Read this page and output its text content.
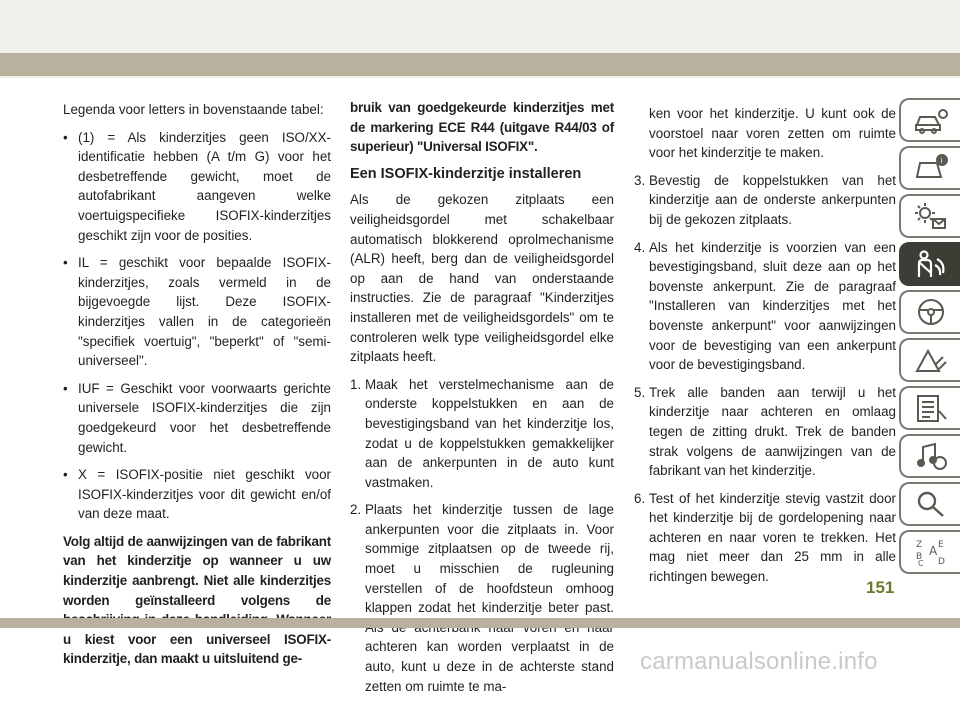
Legenda voor letters in bovenstaande tabel:

• (1) = Als kinderzitjes geen ISO/XX-identificatie hebben (A t/m G) voor het desbetreffende gewicht, moet de autofabrikant aangeven welke voertuigspecifieke ISOFIX-kinderzitjes geschikt zijn voor de posities.
• IL = geschikt voor bepaalde ISOFIX-kinderzitjes, zoals vermeld in de bijgevoegde lijst. Deze ISOFIX-kinderzitjes vallen in de categorieën "specifiek voertuig", "beperkt" of "semi-universeel".
• IUF = Geschikt voor voorwaarts gerichte universele ISOFIX-kinderzitjes die zijn goedgekeurd voor het desbetreffende gewicht.
• X = ISOFIX-positie niet geschikt voor ISOFIX-kinderzitjes voor dit gewicht en/of van deze maat.

Volg altijd de aanwijzingen van de fabrikant van het kinderzitje op wanneer u uw kinderzitje aanbrengt. Niet alle kinderzitjes worden geïnstalleerd volgens de u kiest voor een universeel ISOFIX-kinderzitje, dan maakt u uitsluitend ge-

bruik van goedgekeurde kinderzitjes met de markering ECE R44 (uitgave R44/03 of superieur) "Universal ISOFIX".

Een ISOFIX-kinderzitje installeren

Als de gekozen zitplaats een veiligheidsgordel met schakelbaar automatisch blokkerend oprolmechanisme (ALR) heeft, berg dan de veiligheidsgordel op aan de hand van onderstaande instructies. Zie de paragraaf "Kinderzitjes installeren met de veiligheidsgordels" om te controleren welk type veiligheidsgordel elke zitplaats heeft.

1. Maak het verstelmechanisme aan de onderste koppelstukken en aan de bevestigingsband van het kinderzitje los, zodat u de koppelstukken gemakkelijker aan de ankerpunten in de auto kunt vastmaken.
2. Plaats het kinderzitje tussen de lage ankerpunten voor die zitplaats in. Voor sommige zitplaatsen op de tweede rij, moet u misschien de rugleuning verstellen of de hoofdsteun omhoog klappen zodat het kinderzitje beter past. achteren kan worden verplaatst in de auto, kunt u deze in de achterste stand zetten om ruimte te ma-
ken voor het kinderzitje. U kunt ook de voorstoel naar voren zetten om ruimte voor het kinderzitje te maken.
3. Bevestig de koppelstukken van het kinderzitje aan de onderste ankerpunten bij de gekozen zitplaats.
4. Als het kinderzitje is voorzien van een bevestigingsband, sluit deze aan op het bovenste ankerpunt. Zie de paragraaf "Installeren van kinderzitjes met het bovenste ankerpunt" voor aanwijzingen voor de bevestiging van een ankerpunt voor de bevestigingsband.
5. Trek alle banden aan terwijl u het kinderzitje naar achteren en omlaag tegen de zitting drukt. Trek de banden strak volgens de aanwijzingen van de fabrikant van het kinderzitje.
6. Test of het kinderzitje stevig vastzit door het kinderzitje bij de gordelopening naar achteren en naar voren te trekken. Het mag niet meer dan 25 mm in alle richtingen bewegen.
i
Z E
B A
C D
151
carmanualsonline.info
